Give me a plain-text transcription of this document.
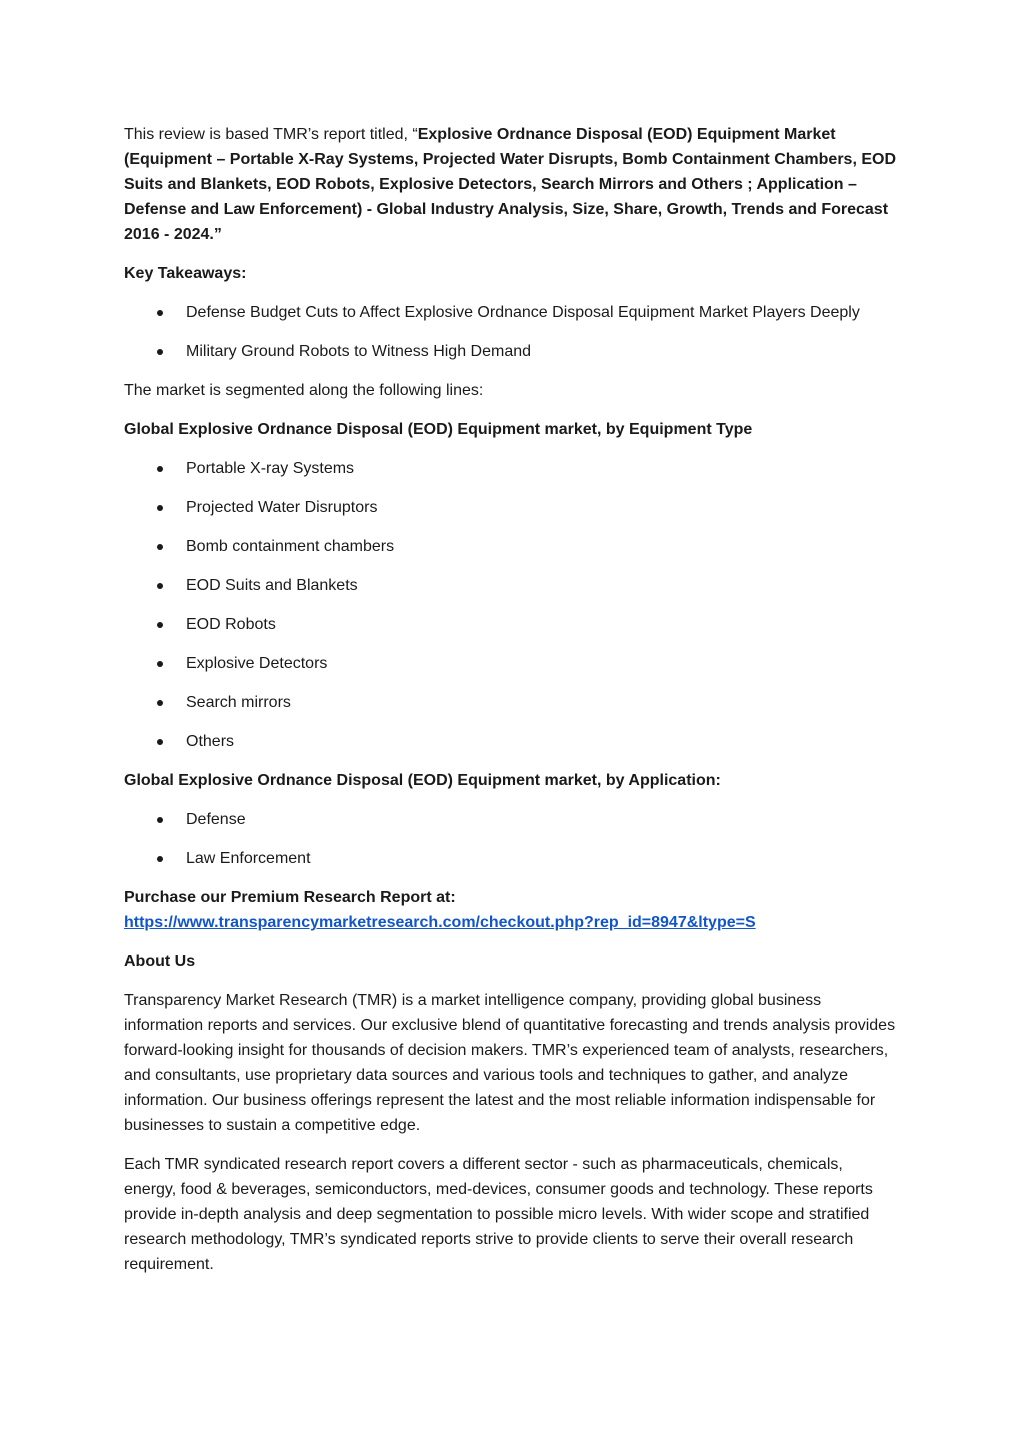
This review is based TMR’s report titled, “Explosive Ordnance Disposal (EOD) Equipment Market (Equipment – Portable X-Ray Systems, Projected Water Disrupts, Bomb Containment Chambers, EOD Suits and Blankets, EOD Robots, Explosive Detectors, Search Mirrors and Others ; Application – Defense and Law Enforcement) - Global Industry Analysis, Size, Share, Growth, Trends and Forecast 2016 - 2024.”

Key Takeaways:

Defense Budget Cuts to Affect Explosive Ordnance Disposal Equipment Market Players Deeply
Military Ground Robots to Witness High Demand

The market is segmented along the following lines:

Global Explosive Ordnance Disposal (EOD) Equipment market, by Equipment Type

Portable X-ray Systems
Projected Water Disruptors
Bomb containment chambers
EOD Suits and Blankets
EOD Robots
Explosive Detectors
Search mirrors
Others

Global Explosive Ordnance Disposal (EOD) Equipment market, by Application:

Defense
Law Enforcement

Purchase our Premium Research Report at:
https://www.transparencymarketresearch.com/checkout.php?rep_id=8947&ltype=S

About Us

Transparency Market Research (TMR) is a market intelligence company, providing global business information reports and services. Our exclusive blend of quantitative forecasting and trends analysis provides forward-looking insight for thousands of decision makers. TMR’s experienced team of analysts, researchers, and consultants, use proprietary data sources and various tools and techniques to gather, and analyze information. Our business offerings represent the latest and the most reliable information indispensable for businesses to sustain a competitive edge.

Each TMR syndicated research report covers a different sector - such as pharmaceuticals, chemicals, energy, food & beverages, semiconductors, med-devices, consumer goods and technology. These reports provide in-depth analysis and deep segmentation to possible micro levels. With wider scope and stratified research methodology, TMR’s syndicated reports strive to provide clients to serve their overall research requirement.
